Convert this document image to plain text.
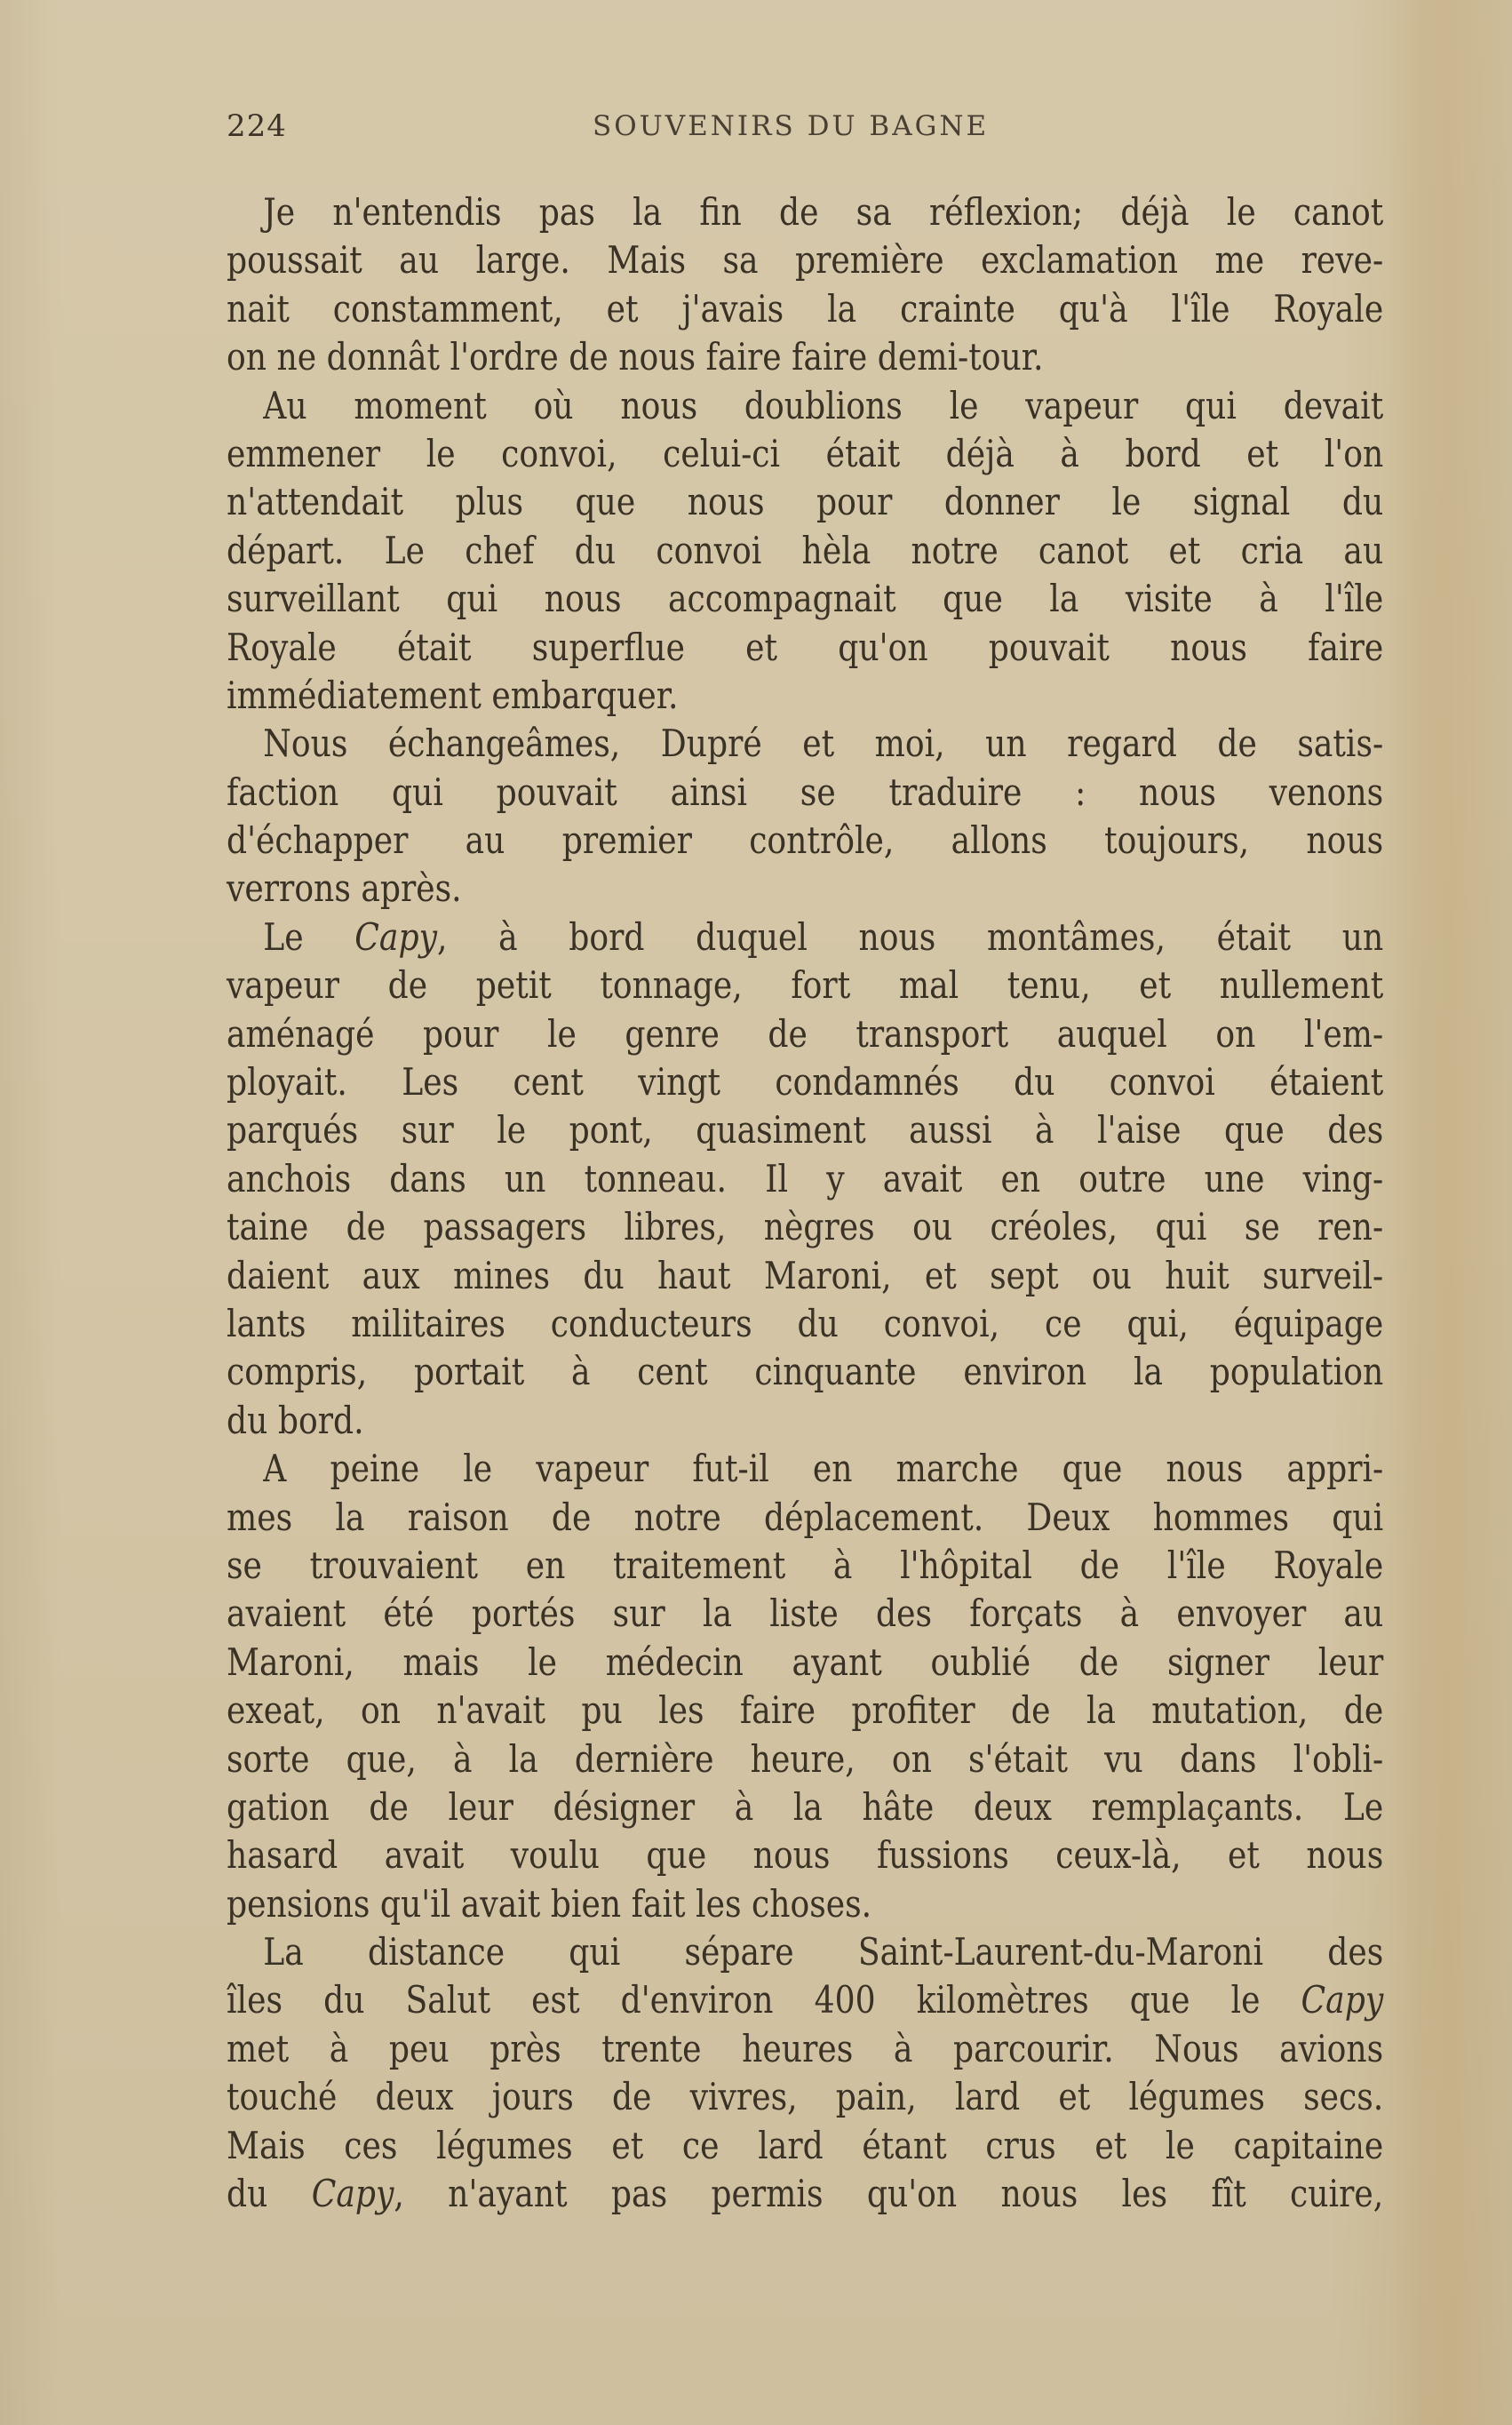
224	SOUVENIRS DU BAGNE
Je n'entendis pas la fin de sa réflexion; déjà le canot
poussait au large. Mais sa première exclamation me reve-
nait constamment, et j'avais la crainte qu'à l'île Royale
on ne donnât l'ordre de nous faire faire demi-tour.
Au moment où nous doublions le vapeur qui devait
emmener le convoi, celui-ci était déjà à bord et l'on
n'attendait plus que nous pour donner le signal du
départ. Le chef du convoi hèla notre canot et cria au
surveillant qui nous accompagnait que la visite à l'île
Royale était superflue et qu'on pouvait nous faire
immédiatement embarquer.
Nous échangeâmes, Dupré et moi, un regard de satis-
faction qui pouvait ainsi se traduire : nous venons
d'échapper au premier contrôle, allons toujours, nous
verrons après.
Le Capy, à bord duquel nous montâmes, était un
vapeur de petit tonnage, fort mal tenu, et nullement
aménagé pour le genre de transport auquel on l'em-
ployait. Les cent vingt condamnés du convoi étaient
parqués sur le pont, quasiment aussi à l'aise que des
anchois dans un tonneau. Il y avait en outre une ving-
taine de passagers libres, nègres ou créoles, qui se ren-
daient aux mines du haut Maroni, et sept ou huit surveil-
lants militaires conducteurs du convoi, ce qui, équipage
compris, portait à cent cinquante environ la population
du bord.
A peine le vapeur fut-il en marche que nous appri-
mes la raison de notre déplacement. Deux hommes qui
se trouvaient en traitement à l'hôpital de l'île Royale
avaient été portés sur la liste des forçats à envoyer au
Maroni, mais le médecin ayant oublié de signer leur
exeat, on n'avait pu les faire profiter de la mutation, de
sorte que, à la dernière heure, on s'était vu dans l'obli-
gation de leur désigner à la hâte deux remplaçants. Le
hasard avait voulu que nous fussions ceux-là, et nous
pensions qu'il avait bien fait les choses.
La distance qui sépare Saint-Laurent-du-Maroni des
îles du Salut est d'environ 400 kilomètres que le Capy
met à peu près trente heures à parcourir. Nous avions
touché deux jours de vivres, pain, lard et légumes secs.
Mais ces légumes et ce lard étant crus et le capitaine
du Capy, n'ayant pas permis qu'on nous les fît cuire,
